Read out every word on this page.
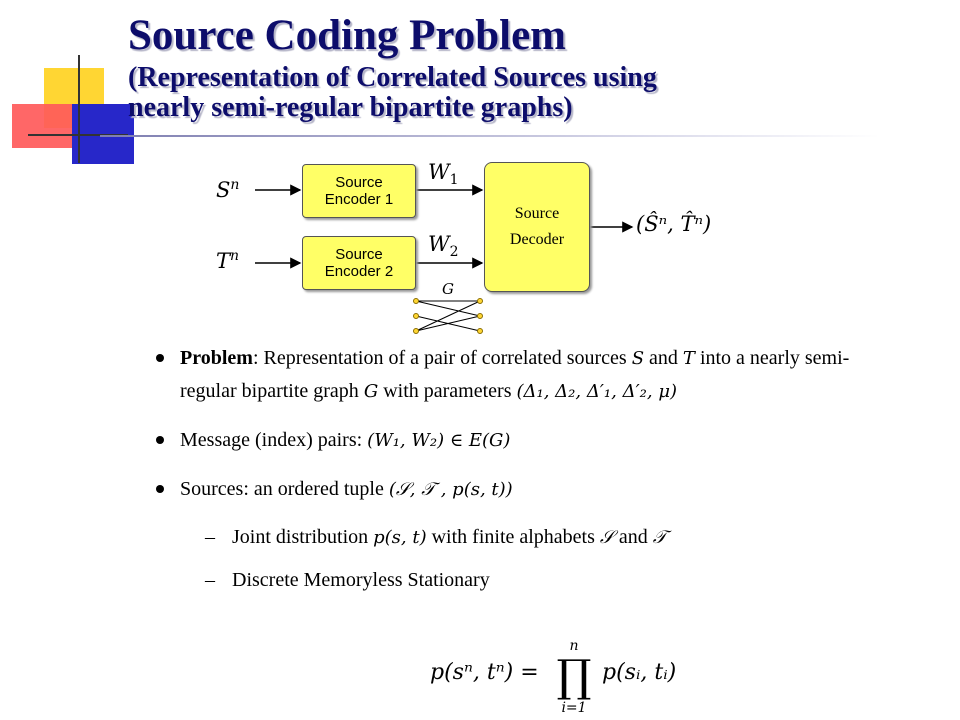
Source Coding Problem
(Representation of Correlated Sources using
nearly semi-regular bipartite graphs)
$S^n$
$T^n$
Source
Encoder 1
Source
Encoder 2
$W_1$
$W_2$
Source
Decoder
(Ŝⁿ, T̂ⁿ)
G
Problem: Representation of a pair of correlated sources S and T into a nearly semi-regular bipartite graph G with parameters (Δ₁, Δ₂, Δ′₁, Δ′₂, μ)
Message (index) pairs: (W₁, W₂) ∈ E(G)
Sources: an ordered tuple (𝒮, 𝒯 , p(s, t))
– Joint distribution p(s, t) with finite alphabets 𝒮 and 𝒯
– Discrete Memoryless Stationary
p(sⁿ, tⁿ) =
n
∏
i=1
p(sᵢ, tᵢ)
